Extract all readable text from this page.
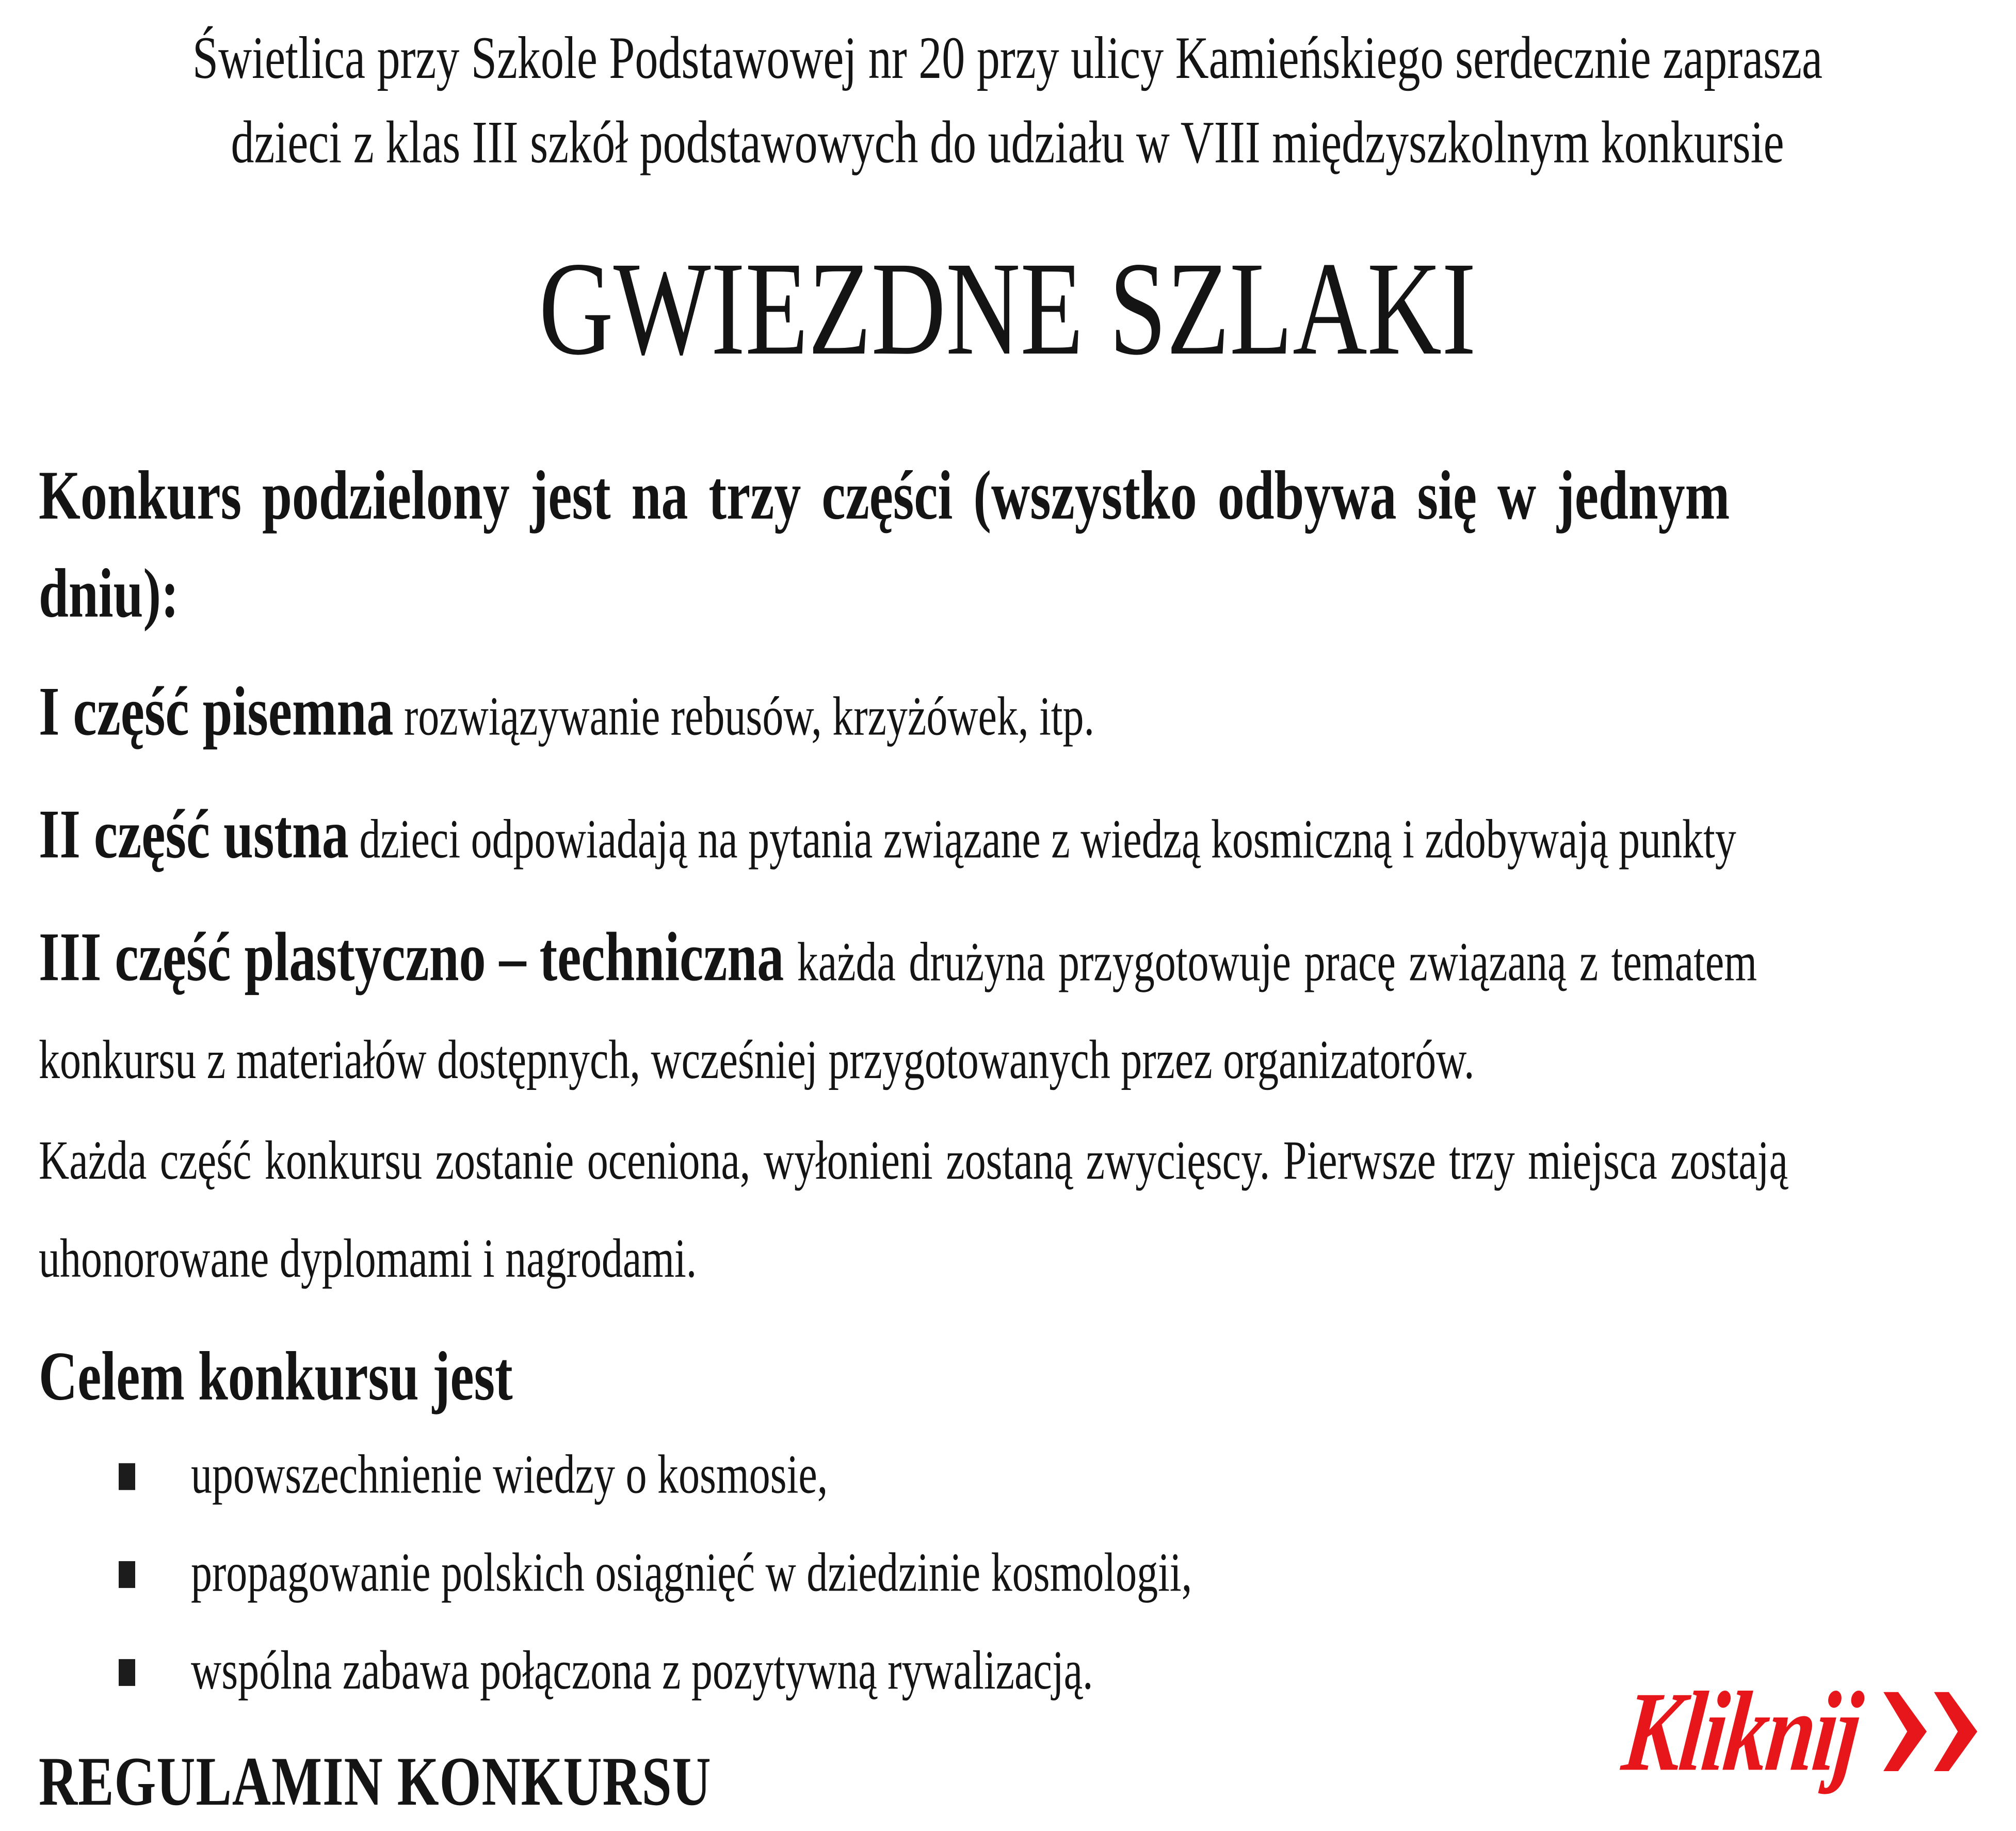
Świetlica przy Szkole Podstawowej nr 20 przy ulicy Kamieńskiego serdecznie zaprasza

dzieci z klas III szkół podstawowych do udziału w VIII międzyszkolnym konkursie

GWIEZDNE SZLAKI

Konkurs podzielony jest na trzy części (wszystko odbywa się w jednym
dniu):

I część pisemna rozwiązywanie rebusów, krzyżówek, itp.

II część ustna dzieci odpowiadają na pytania związane z wiedzą kosmiczną i zdobywają punkty

III część plastyczno – techniczna każda drużyna przygotowuje pracę związaną z tematem
konkursu z materiałów dostępnych, wcześniej przygotowanych przez organizatorów.

Każda część konkursu zostanie oceniona, wyłonieni zostaną zwycięscy. Pierwsze trzy miejsca zostają
uhonorowane dyplomami i nagrodami.

Celem konkursu jest

upowszechnienie wiedzy o kosmosie,
propagowanie polskich osiągnięć w dziedzinie kosmologii,
wspólna zabawa połączona z pozytywną rywalizacją.

REGULAMIN KONKURSU	Kliknij
